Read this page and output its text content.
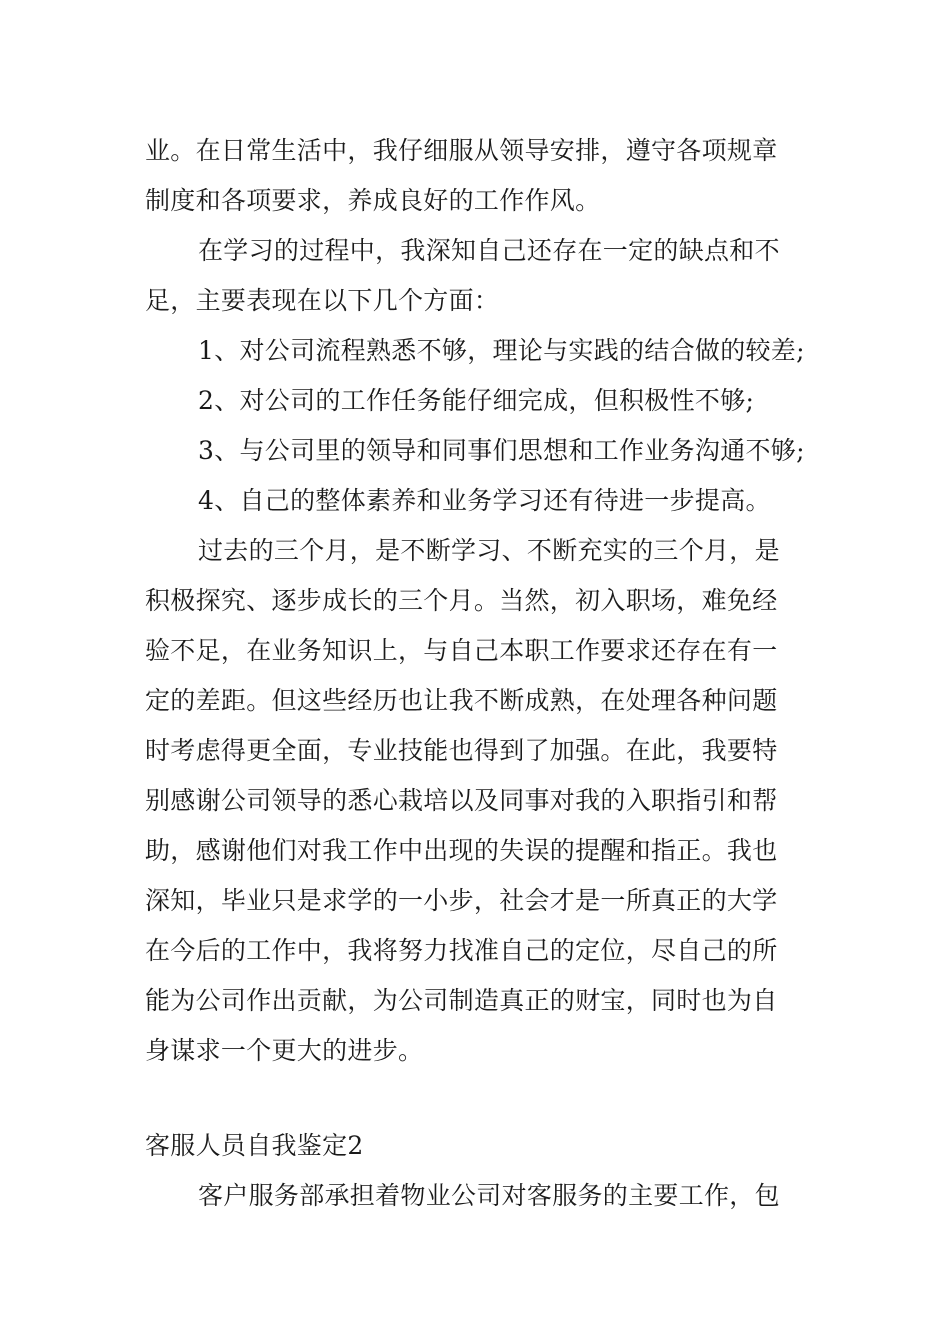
业。在日常生活中，我仔细服从领导安排，遵守各项规章
制度和各项要求，养成良好的工作作风。
在学习的过程中，我深知自己还存在一定的缺点和不
足，主要表现在以下几个方面：
1、对公司流程熟悉不够，理论与实践的结合做的较差;
2、对公司的工作任务能仔细完成，但积极性不够;
3、与公司里的领导和同事们思想和工作业务沟通不够;
4、自己的整体素养和业务学习还有待进一步提高。
过去的三个月，是不断学习、不断充实的三个月，是
积极探究、逐步成长的三个月。当然，初入职场，难免经
验不足，在业务知识上，与自己本职工作要求还存在有一
定的差距。但这些经历也让我不断成熟，在处理各种问题
时考虑得更全面，专业技能也得到了加强。在此，我要特
别感谢公司领导的悉心栽培以及同事对我的入职指引和帮
助，感谢他们对我工作中出现的失误的提醒和指正。我也
深知，毕业只是求学的一小步，社会才是一所真正的大学
在今后的工作中，我将努力找准自己的定位，尽自己的所
能为公司作出贡献，为公司制造真正的财宝，同时也为自
身谋求一个更大的进步。
客服人员自我鉴定2
客户服务部承担着物业公司对客服务的主要工作，包
